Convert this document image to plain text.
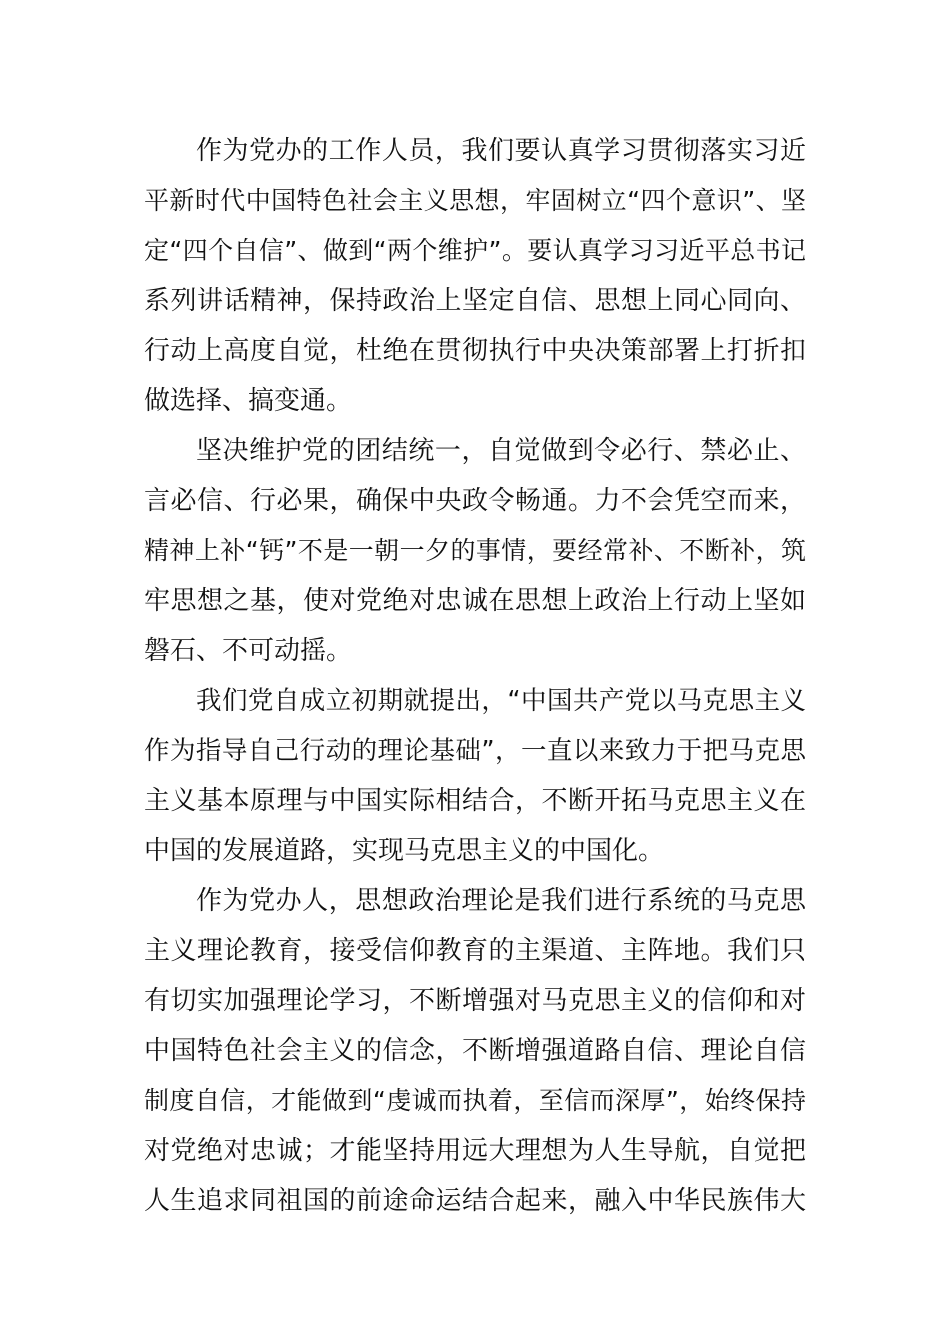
作为党办的工作人员，我们要认真学习贯彻落实习近
平新时代中国特色社会主义思想，牢固树立“四个意识”、坚
定“四个自信”、做到“两个维护”。要认真学习习近平总书记
系列讲话精神，保持政治上坚定自信、思想上同心同向、
行动上高度自觉，杜绝在贯彻执行中央决策部署上打折扣
做选择、搞变通。

坚决维护党的团结统一，自觉做到令必行、禁必止、
言必信、行必果，确保中央政令畅通。力不会凭空而来，
精神上补“钙”不是一朝一夕的事情，要经常补、不断补，筑
牢思想之基，使对党绝对忠诚在思想上政治上行动上坚如
磐石、不可动摇。

我们党自成立初期就提出，“中国共产党以马克思主义
作为指导自己行动的理论基础”，一直以来致力于把马克思
主义基本原理与中国实际相结合，不断开拓马克思主义在
中国的发展道路，实现马克思主义的中国化。

作为党办人，思想政治理论是我们进行系统的马克思
主义理论教育，接受信仰教育的主渠道、主阵地。我们只
有切实加强理论学习，不断增强对马克思主义的信仰和对
中国特色社会主义的信念，不断增强道路自信、理论自信
制度自信，才能做到“虔诚而执着，至信而深厚”，始终保持
对党绝对忠诚；才能坚持用远大理想为人生导航，自觉把
人生追求同祖国的前途命运结合起来，融入中华民族伟大
